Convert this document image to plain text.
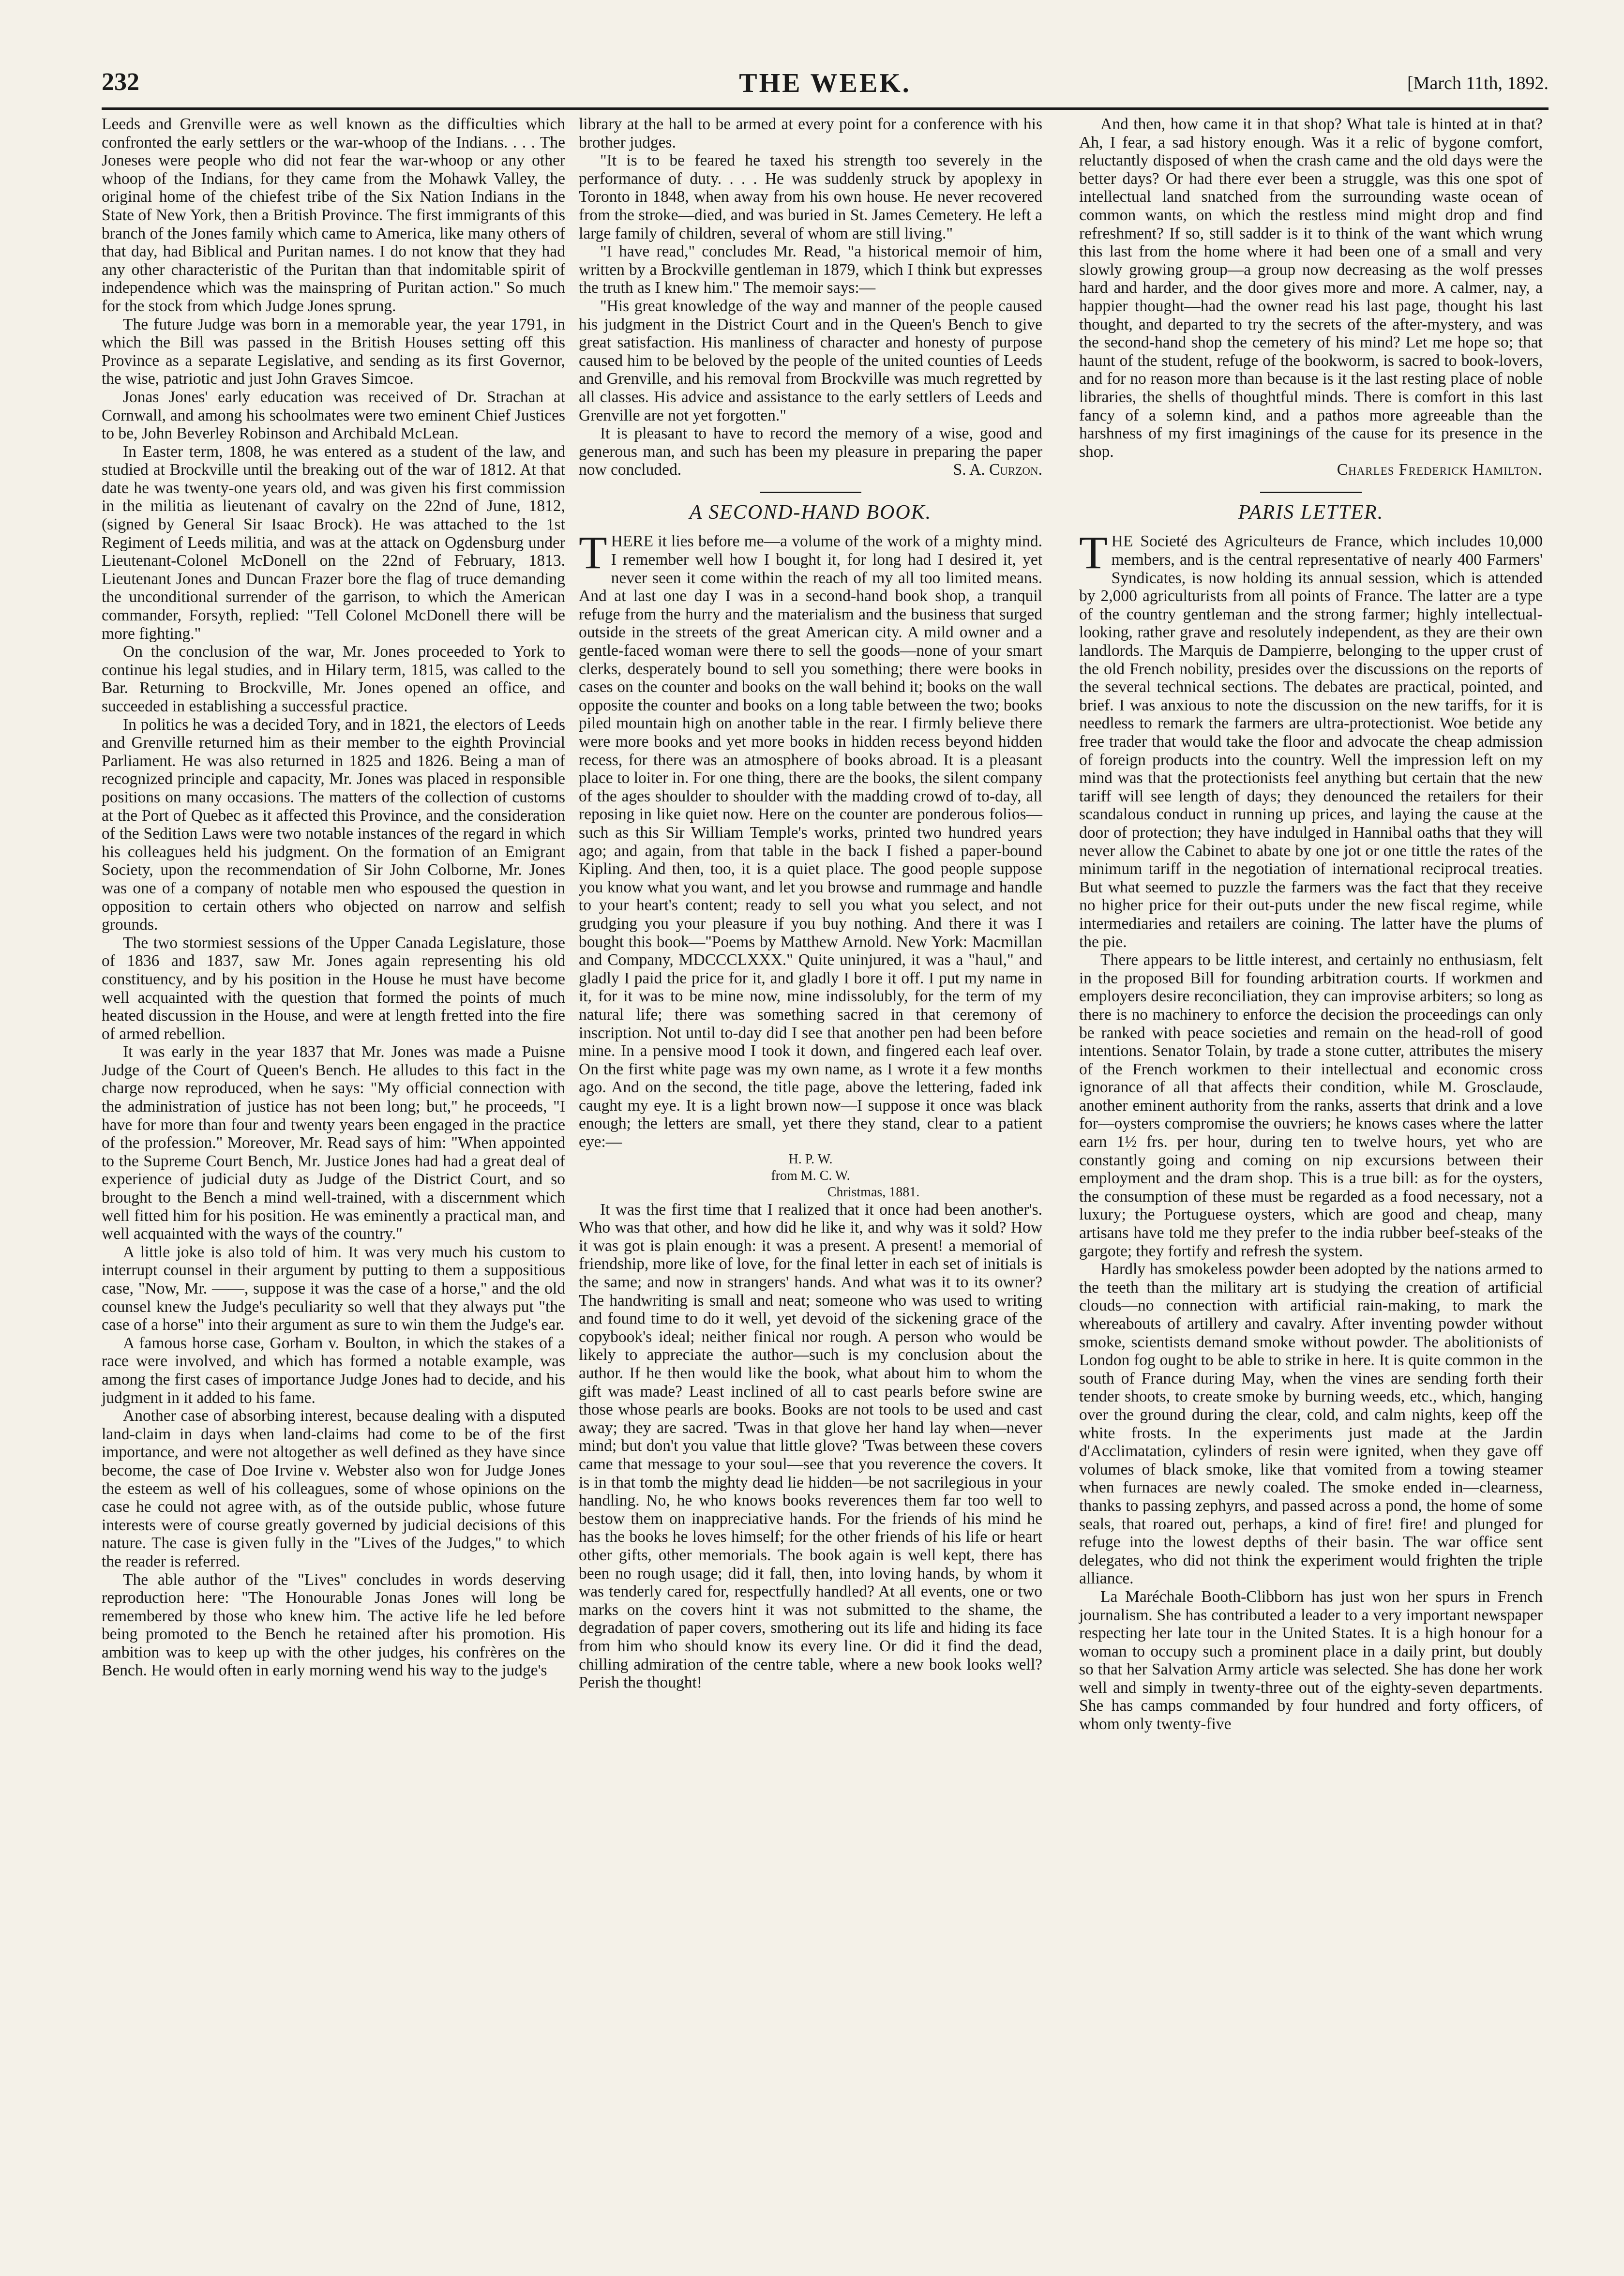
232	THE WEEK.	[March 11th, 1892.

Leeds and Grenville were as well known as the difficulties which confronted the early settlers or the war-whoop of the Indians. . . . The Joneses were people who did not fear the war-whoop or any other whoop of the Indians, for they came from the Mohawk Valley, the original home of the chiefest tribe of the Six Nation Indians in the State of New York, then a British Province. The first immigrants of this branch of the Jones family which came to America, like many others of that day, had Biblical and Puritan names. I do not know that they had any other characteristic of the Puritan than that indomitable spirit of independence which was the mainspring of Puritan action." So much for the stock from which Judge Jones sprung.

The future Judge was born in a memorable year, the year 1791, in which the Bill was passed in the British Houses setting off this Province as a separate Legislative, and sending as its first Governor, the wise, patriotic and just John Graves Simcoe.

Jonas Jones' early education was received of Dr. Strachan at Cornwall, and among his schoolmates were two eminent Chief Justices to be, John Beverley Robinson and Archibald McLean.

In Easter term, 1808, he was entered as a student of the law, and studied at Brockville until the breaking out of the war of 1812. At that date he was twenty-one years old, and was given his first commission in the militia as lieutenant of cavalry on the 22nd of June, 1812, (signed by General Sir Isaac Brock). He was attached to the 1st Regiment of Leeds militia, and was at the attack on Ogdensburg under Lieutenant-Colonel McDonell on the 22nd of February, 1813. Lieutenant Jones and Duncan Frazer bore the flag of truce demanding the unconditional surrender of the garrison, to which the American commander, Forsyth, replied: "Tell Colonel McDonell there will be more fighting."

On the conclusion of the war, Mr. Jones proceeded to York to continue his legal studies, and in Hilary term, 1815, was called to the Bar. Returning to Brockville, Mr. Jones opened an office, and succeeded in establishing a successful practice.

In politics he was a decided Tory, and in 1821, the electors of Leeds and Grenville returned him as their member to the eighth Provincial Parliament. He was also returned in 1825 and 1826. Being a man of recognized principle and capacity, Mr. Jones was placed in responsible positions on many occasions. The matters of the collection of customs at the Port of Quebec as it affected this Province, and the consideration of the Sedition Laws were two notable instances of the regard in which his colleagues held his judgment. On the formation of an Emigrant Society, upon the recommendation of Sir John Colborne, Mr. Jones was one of a company of notable men who espoused the question in opposition to certain others who objected on narrow and selfish grounds.

The two stormiest sessions of the Upper Canada Legislature, those of 1836 and 1837, saw Mr. Jones again representing his old constituency, and by his position in the House he must have become well acquainted with the question that formed the points of much heated discussion in the House, and were at length fretted into the fire of armed rebellion.

It was early in the year 1837 that Mr. Jones was made a Puisne Judge of the Court of Queen's Bench. He alludes to this fact in the charge now reproduced, when he says: "My official connection with the administration of justice has not been long; but," he proceeds, "I have for more than four and twenty years been engaged in the practice of the profession." Moreover, Mr. Read says of him: "When appointed to the Supreme Court Bench, Mr. Justice Jones had had a great deal of experience of judicial duty as Judge of the District Court, and so brought to the Bench a mind well-trained, with a discernment which well fitted him for his position. He was eminently a practical man, and well acquainted with the ways of the country."

A little joke is also told of him. It was very much his custom to interrupt counsel in their argument by putting to them a suppositious case, "Now, Mr. ——, suppose it was the case of a horse," and the old counsel knew the Judge's peculiarity so well that they always put "the case of a horse" into their argument as sure to win them the Judge's ear.

A famous horse case, Gorham v. Boulton, in which the stakes of a race were involved, and which has formed a notable example, was among the first cases of importance Judge Jones had to decide, and his judgment in it added to his fame.

Another case of absorbing interest, because dealing with a disputed land-claim in days when land-claims had come to be of the first importance, and were not altogether as well defined as they have since become, the case of Doe Irvine v. Webster also won for Judge Jones the esteem as well of his colleagues, some of whose opinions on the case he could not agree with, as of the outside public, whose future interests were of course greatly governed by judicial decisions of this nature. The case is given fully in the "Lives of the Judges," to which the reader is referred.

The able author of the "Lives" concludes in words deserving reproduction here: "The Honourable Jonas Jones will long be remembered by those who knew him. The active life he led before being promoted to the Bench he retained after his promotion. His ambition was to keep up with the other judges, his confrères on the Bench. He would often in early morning wend his way to the judge's

library at the hall to be armed at every point for a conference with his brother judges.

"It is to be feared he taxed his strength too severely in the performance of duty. . . . He was suddenly struck by apoplexy in Toronto in 1848, when away from his own house. He never recovered from the stroke—died, and was buried in St. James Cemetery. He left a large family of children, several of whom are still living."

"I have read," concludes Mr. Read, "a historical memoir of him, written by a Brockville gentleman in 1879, which I think but expresses the truth as I knew him." The memoir says:—

"His great knowledge of the way and manner of the people caused his judgment in the District Court and in the Queen's Bench to give great satisfaction. His manliness of character and honesty of purpose caused him to be beloved by the people of the united counties of Leeds and Grenville, and his removal from Brockville was much regretted by all classes. His advice and assistance to the early settlers of Leeds and Grenville are not yet forgotten."

It is pleasant to have to record the memory of a wise, good and generous man, and such has been my pleasure in preparing the paper now concluded.	S. A. Curzon.

A SECOND-HAND BOOK.

THERE it lies before me—a volume of the work of a mighty mind. I remember well how I bought it, for long had I desired it, yet never seen it come within the reach of my all too limited means. And at last one day I was in a second-hand book shop, a tranquil refuge from the hurry and the materialism and the business that surged outside in the streets of the great American city. A mild owner and a gentle-faced woman were there to sell the goods—none of your smart clerks, desperately bound to sell you something; there were books in cases on the counter and books on the wall behind it; books on the wall opposite the counter and books on a long table between the two; books piled mountain high on another table in the rear. I firmly believe there were more books and yet more books in hidden recess beyond hidden recess, for there was an atmosphere of books abroad. It is a pleasant place to loiter in. For one thing, there are the books, the silent company of the ages shoulder to shoulder with the madding crowd of to-day, all reposing in like quiet now. Here on the counter are ponderous folios—such as this Sir William Temple's works, printed two hundred years ago; and again, from that table in the back I fished a paper-bound Kipling. And then, too, it is a quiet place. The good people suppose you know what you want, and let you browse and rummage and handle to your heart's content; ready to sell you what you select, and not grudging you your pleasure if you buy nothing. And there it was I bought this book—"Poems by Matthew Arnold. New York: Macmillan and Company, MDCCCLXXX." Quite uninjured, it was a "haul," and gladly I paid the price for it, and gladly I bore it off. I put my name in it, for it was to be mine now, mine indissolubly, for the term of my natural life; there was something sacred in that ceremony of inscription. Not until to-day did I see that another pen had been before mine. In a pensive mood I took it down, and fingered each leaf over. On the first white page was my own name, as I wrote it a few months ago. And on the second, the title page, above the lettering, faded ink caught my eye. It is a light brown now—I suppose it once was black enough; the letters are small, yet there they stand, clear to a patient eye:—

H. P. W.
from M. C. W.
Christmas, 1881.

It was the first time that I realized that it once had been another's. Who was that other, and how did he like it, and why was it sold? How it was got is plain enough: it was a present. A present! a memorial of friendship, more like of love, for the final letter in each set of initials is the same; and now in strangers' hands. And what was it to its owner? The handwriting is small and neat; someone who was used to writing and found time to do it well, yet devoid of the sickening grace of the copybook's ideal; neither finical nor rough. A person who would be likely to appreciate the author—such is my conclusion about the author. If he then would like the book, what about him to whom the gift was made? Least inclined of all to cast pearls before swine are those whose pearls are books. Books are not tools to be used and cast away; they are sacred. 'Twas in that glove her hand lay when—never mind; but don't you value that little glove? 'Twas between these covers came that message to your soul—see that you reverence the covers. It is in that tomb the mighty dead lie hidden—be not sacrilegious in your handling. No, he who knows books reverences them far too well to bestow them on inappreciative hands. For the friends of his mind he has the books he loves himself; for the other friends of his life or heart other gifts, other memorials. The book again is well kept, there has been no rough usage; did it fall, then, into loving hands, by whom it was tenderly cared for, respectfully handled? At all events, one or two marks on the covers hint it was not submitted to the shame, the degradation of paper covers, smothering out its life and hiding its face from him who should know its every line. Or did it find the dead, chilling admiration of the centre table, where a new book looks well? Perish the thought!

And then, how came it in that shop? What tale is hinted at in that? Ah, I fear, a sad history enough. Was it a relic of bygone comfort, reluctantly disposed of when the crash came and the old days were the better days? Or had there ever been a struggle, was this one spot of intellectual land snatched from the surrounding waste ocean of common wants, on which the restless mind might drop and find refreshment? If so, still sadder is it to think of the want which wrung this last from the home where it had been one of a small and very slowly growing group—a group now decreasing as the wolf presses hard and harder, and the door gives more and more. A calmer, nay, a happier thought—had the owner read his last page, thought his last thought, and departed to try the secrets of the after-mystery, and was the second-hand shop the cemetery of his mind? Let me hope so; that haunt of the student, refuge of the bookworm, is sacred to book-lovers, and for no reason more than because is it the last resting place of noble libraries, the shells of thoughtful minds. There is comfort in this last fancy of a solemn kind, and a pathos more agreeable than the harshness of my first imaginings of the cause for its presence in the shop.

Charles Frederick Hamilton.
PARIS LETTER.

THE Societé des Agriculteurs de France, which includes 10,000 members, and is the central representative of nearly 400 Farmers' Syndicates, is now holding its annual session, which is attended by 2,000 agriculturists from all points of France. The latter are a type of the country gentleman and the strong farmer; highly intellectual-looking, rather grave and resolutely independent, as they are their own landlords. The Marquis de Dampierre, belonging to the upper crust of the old French nobility, presides over the discussions on the reports of the several technical sections. The debates are practical, pointed, and brief. I was anxious to note the discussion on the new tariffs, for it is needless to remark the farmers are ultra-protectionist. Woe betide any free trader that would take the floor and advocate the cheap admission of foreign products into the country. Well the impression left on my mind was that the protectionists feel anything but certain that the new tariff will see length of days; they denounced the retailers for their scandalous conduct in running up prices, and laying the cause at the door of protection; they have indulged in Hannibal oaths that they will never allow the Cabinet to abate by one jot or one tittle the rates of the minimum tariff in the negotiation of international reciprocal treaties. But what seemed to puzzle the farmers was the fact that they receive no higher price for their out-puts under the new fiscal regime, while intermediaries and retailers are coining. The latter have the plums of the pie.

There appears to be little interest, and certainly no enthusiasm, felt in the proposed Bill for founding arbitration courts. If workmen and employers desire reconciliation, they can improvise arbiters; so long as there is no machinery to enforce the decision the proceedings can only be ranked with peace societies and remain on the head-roll of good intentions. Senator Tolain, by trade a stone cutter, attributes the misery of the French workmen to their intellectual and economic cross ignorance of all that affects their condition, while M. Grosclaude, another eminent authority from the ranks, asserts that drink and a love for—oysters compromise the ouvriers; he knows cases where the latter earn 1½ frs. per hour, during ten to twelve hours, yet who are constantly going and coming on nip excursions between their employment and the dram shop. This is a true bill: as for the oysters, the consumption of these must be regarded as a food necessary, not a luxury; the Portuguese oysters, which are good and cheap, many artisans have told me they prefer to the india rubber beef-steaks of the gargote; they fortify and refresh the system.

Hardly has smokeless powder been adopted by the nations armed to the teeth than the military art is studying the creation of artificial clouds—no connection with artificial rain-making, to mark the whereabouts of artillery and cavalry. After inventing powder without smoke, scientists demand smoke without powder. The abolitionists of London fog ought to be able to strike in here. It is quite common in the south of France during May, when the vines are sending forth their tender shoots, to create smoke by burning weeds, etc., which, hanging over the ground during the clear, cold, and calm nights, keep off the white frosts. In the experiments just made at the Jardin d'Acclimatation, cylinders of resin were ignited, when they gave off volumes of black smoke, like that vomited from a towing steamer when furnaces are newly coaled. The smoke ended in—clearness, thanks to passing zephyrs, and passed across a pond, the home of some seals, that roared out, perhaps, a kind of fire! fire! and plunged for refuge into the lowest depths of their basin. The war office sent delegates, who did not think the experiment would frighten the triple alliance.

La Maréchale Booth-Clibborn has just won her spurs in French journalism. She has contributed a leader to a very important newspaper respecting her late tour in the United States. It is a high honour for a woman to occupy such a prominent place in a daily print, but doubly so that her Salvation Army article was selected. She has done her work well and simply in twenty-three out of the eighty-seven departments. She has camps commanded by four hundred and forty officers, of whom only twenty-five
